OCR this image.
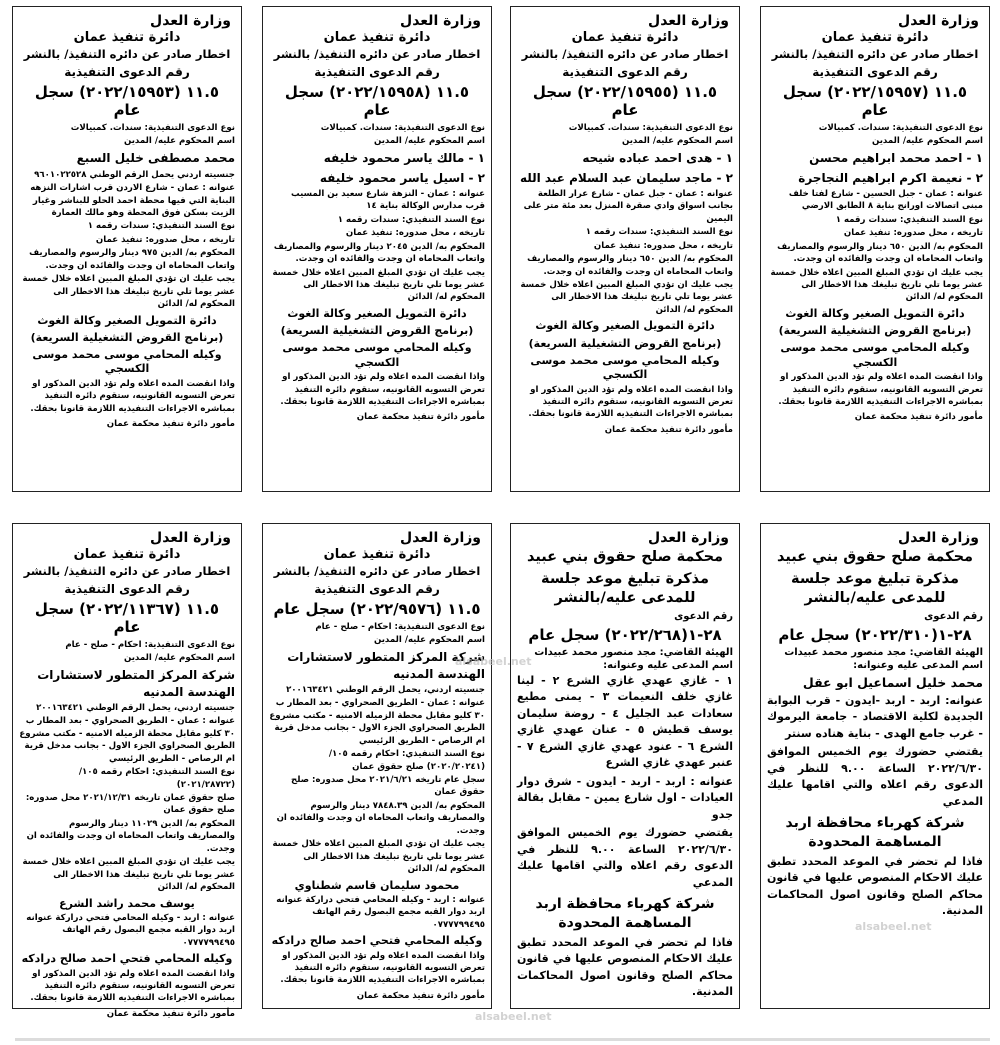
وزارة العدل
دائرة تنفيذ عمان
اخطار صادر عن دائره التنفيذ/ بالنشر
رقم الدعوى التنفيذية
١١.٥ (٢٠٢٢/١٥٩٥٧) سجل عام
نوع الدعوى التنفيذية: سندات. كمبيالات
اسم المحكوم عليه/ المدين
١ - احمد محمد ابراهيم محسن
٢ - نعيمة اكرم ابراهيم النجاجرة
عنوانه : عمان - جبل الحسين - شارع لفتا خلف مبنى اتصالات اورانج بناية ٨ الطابق الارضي
نوع السند التنفيذي: سندات رقمه ١
تاريخه ، محل صدوره: تنفيذ عمان
المحكوم به/ الدين ٦٥٠ دينار والرسوم والمصاريف واتعاب المحاماه ان وجدت والفائده ان وجدت.
يجب عليك ان تؤدي المبلغ المبين اعلاه خلال خمسة عشر يوما تلي تاريخ تبليغك هذا الاخطار الى المحكوم له/ الدائن
دائرة التمويل الصغير وكالة الغوث
(برنامج القروض التشغيلية السريعة)
وكيله المحامي موسى محمد موسى الكسجي
واذا انقضت المده اعلاه ولم تؤد الدين المذكور او تعرض التسويه القانونيه، ستقوم دائره التنفيذ بمباشره الاجراءات التنفيذيه اللازمة قانونا بحقك.
مأمور دائرة تنفيذ محكمة عمان
وزارة العدل
دائرة تنفيذ عمان
اخطار صادر عن دائره التنفيذ/ بالنشر
رقم الدعوى التنفيذية
١١.٥ (٢٠٢٢/١٥٩٥٥) سجل عام
نوع الدعوى التنفيذية: سندات. كمبيالات
اسم المحكوم عليه/ المدين
١ - هدى احمد عباده شيحه
٢ - ماجد سليمان عبد السلام عبد الله
عنوانه : عمان - جبل عمان - شارع عرار الطلعة بجانب اسواق وادي صقرة المنزل بعد مئة متر على اليمين
نوع السند التنفيذي: سندات رقمه ١
تاريخه ، محل صدوره: تنفيذ عمان
المحكوم به/ الدين ٦٥٠ دينار والرسوم والمصاريف واتعاب المحاماه ان وجدت والفائده ان وجدت.
يجب عليك ان تؤدي المبلغ المبين اعلاه خلال خمسة عشر يوما تلي تاريخ تبليغك هذا الاخطار الى المحكوم له/ الدائن
دائرة التمويل الصغير وكالة الغوث
(برنامج القروض التشغيلية السريعة)
وكيله المحامي موسى محمد موسى الكسجي
واذا انقضت المده اعلاه ولم تؤد الدين المذكور او تعرض التسويه القانونيه، ستقوم دائره التنفيذ بمباشره الاجراءات التنفيذيه اللازمة قانونا بحقك.
مأمور دائرة تنفيذ محكمة عمان
وزارة العدل
دائرة تنفيذ عمان
اخطار صادر عن دائره التنفيذ/ بالنشر
رقم الدعوى التنفيذية
١١.٥ (٢٠٢٢/١٥٩٥٨) سجل عام
نوع الدعوى التنفيذية: سندات. كمبيالات
اسم المحكوم عليه/ المدين
١ - مالك ياسر محمود خليفه
٢ - اسيل ياسر محمود خليفه
عنوانه : عمان - النزهة شارع سعيد بن المسيب قرب مدارس الوكالة بناية ١٤
نوع السند التنفيذي: سندات رقمه ١
تاريخه ، محل صدوره: تنفيذ عمان
المحكوم به/ الدين ٢٠٤٥ دينار والرسوم والمصاريف واتعاب المحاماه ان وجدت والفائده ان وجدت.
يجب عليك ان تؤدي المبلغ المبين اعلاه خلال خمسة عشر يوما تلي تاريخ تبليغك هذا الاخطار الى المحكوم له/ الدائن
دائرة التمويل الصغير وكالة الغوث
(برنامج القروض التشغيلية السريعة)
وكيله المحامي موسى محمد موسى الكسجي
واذا انقضت المده اعلاه ولم تؤد الدين المذكور او تعرض التسويه القانونيه، ستقوم دائره التنفيذ بمباشره الاجراءات التنفيذيه اللازمة قانونا بحقك.
مأمور دائرة تنفيذ محكمة عمان
وزارة العدل
دائرة تنفيذ عمان
اخطار صادر عن دائره التنفيذ/ بالنشر
رقم الدعوى التنفيذية
١١.٥ (٢٠٢٢/١٥٩٥٣) سجل عام
نوع الدعوى التنفيذية: سندات. كمبيالات
اسم المحكوم عليه/ المدين
محمد مصطفى خليل السبع
جنسيته اردني يحمل الرقم الوطني ٩٦٠١٠٢٢٥٢٨
عنوانه : عمان - شارع الاردن قرب اشارات النزهه البناية التي فيها محطة احمد الحلو للبناشر وغيار الزيت بسكن فوق المحطة وهو مالك العمارة
نوع السند التنفيذي: سندات رقمه ١
تاريخه ، محل صدوره: تنفيذ عمان
المحكوم به/ الدين ٩٧٥ دينار والرسوم والمصاريف واتعاب المحاماه ان وجدت والفائده ان وجدت.
يجب عليك ان تؤدي المبلغ المبين اعلاه خلال خمسة عشر يوما تلي تاريخ تبليغك هذا الاخطار الى المحكوم له/ الدائن
دائرة التمويل الصغير وكالة الغوث
(برنامج القروض التشغيلية السريعة)
وكيله المحامي موسى محمد موسى الكسجي
واذا انقضت المده اعلاه ولم تؤد الدين المذكور او تعرض التسويه القانونيه، ستقوم دائره التنفيذ بمباشره الاجراءات التنفيذيه اللازمة قانونا بحقك.
مأمور دائرة تنفيذ محكمة عمان
وزارة العدل
محكمة صلح حقوق بني عبيد
مذكرة تبليغ موعد جلسة للمدعى عليه/بالنشر
رقم الدعوى
٢٨-١(٢٠٢٢/٣١٠) سجل عام
الهيئة القاضي: مجد منصور محمد عبيدات
اسم المدعى عليه وعنوانه:
محمد خليل اسماعيل ابو عقل
عنوانه: اربد - اربد -ايدون - قرب البوابة الجديدة لكلية الاقتصاد - جامعة اليرموك - غرب جامع الهدى - بناية هناده سنتر
يقتضي حضورك يوم الخميس الموافق ٢٠٢٢/٦/٣٠ الساعة ٩.٠٠ للنظر في الدعوى رقم اعلاه والتي اقامها عليك المدعي
شركة كهرباء محافظة اربد المساهمة المحدودة
فاذا لم تحضر في الموعد المحدد تطبق عليك الاحكام المنصوص عليها في قانون محاكم الصلح وقانون اصول المحاكمات المدنية.
وزارة العدل
محكمة صلح حقوق بني عبيد
مذكرة تبليغ موعد جلسة للمدعى عليه/بالنشر
رقم الدعوى
٢٨-١(٢٠٢٢/٢٦٨) سجل عام
الهيئة القاضي: مجد منصور محمد عبيدات
اسم المدعى عليه وعنوانه:
١ - غازي عهدي غازي الشرع ٢ - لينا غازي خلف النعيمات ٣ - يمنى مطيع سعادات عبد الجليل ٤ - روضة سليمان يوسف قطيش ٥ - عنان عهدي غازي الشرع ٦ - عنود عهدي غازي الشرع ٧ - عنبر عهدي غازي الشرع
عنوانه : اربد - اربد - ايدون - شرق دوار العيادات - اول شارع يمين - مقابل بقالة جدو
يقتضي حضورك يوم الخميس الموافق ٢٠٢٢/٦/٣٠ الساعة ٩.٠٠ للنظر في الدعوى رقم اعلاه والتي اقامها عليك المدعي
شركة كهرباء محافظة اربد المساهمة المحدودة
فاذا لم تحضر في الموعد المحدد تطبق عليك الاحكام المنصوص عليها في قانون محاكم الصلح وقانون اصول المحاكمات المدنية.
وزارة العدل
دائرة تنفيذ عمان
اخطار صادر عن دائره التنفيذ/ بالنشر
رقم الدعوى التنفيذية
١١.٥ (٢٠٢٢/٩٥٧٦) سجل عام
نوع الدعوى التنفيذية: احكام - صلح - عام
اسم المحكوم عليه/ المدين
شركة المركز المتطور لاستشارات الهندسة المدنيه
جنسيته اردني، يحمل الرقم الوطني ٢٠٠١٦٣٤٢١
عنوانه : عمان - الطريق الصحراوي - بعد المطار ب ٣٠ كليو مقابل محطة الزميله الامنيه - مكتب مشروع الطريق الصحراوي الجزء الاول - بجانب مدخل قرية ام الرصاص - الطريق الرئيسي
نوع السند التنفيذي: احكام رقمه ١٠٥/ (٢٠٢٠/٢٠٢٤١) صلح حقوق عمان
سجل عام تاريخه ٢٠٢١/٦/٢١ محل صدوره: صلح حقوق عمان
المحكوم به/ الدين ٧٨٤٨.٣٩ دينار والرسوم والمصاريف واتعاب المحاماه ان وجدت والفائده ان وجدت.
يجب عليك ان تؤدي المبلغ المبين اعلاه خلال خمسة عشر يوما تلي تاريخ تبليغك هذا الاخطار الى المحكوم له/ الدائن
محمود سليمان قاسم شطناوي
عنوانه : اربد - وكيله المحامي فتحي دراركة عنوانه اربد دوار القبه مجمع البصول رقم الهاتف ٠٧٧٧٧٩٩٤٩٥
وكيله المحامي فتحي احمد صالح درادكه
واذا انقضت المده اعلاه ولم تؤد الدين المذكور او تعرض التسويه القانونيه، ستقوم دائره التنفيذ بمباشره الاجراءات التنفيذيه اللازمة قانونا بحقك.
مأمور دائرة تنفيذ محكمة عمان
وزارة العدل
دائرة تنفيذ عمان
اخطار صادر عن دائره التنفيذ/ بالنشر
رقم الدعوى التنفيذية
١١.٥ (٢٠٢٢/١١٣٦٧) سجل عام
نوع الدعوى التنفيذية: احكام - صلح - عام
اسم المحكوم عليه/ المدين
شركة المركز المتطور لاستشارات الهندسة المدنيه
جنسيته اردني، يحمل الرقم الوطني ٢٠٠١٦٣٤٢١
عنوانه : عمان - الطريق الصحراوي - بعد المطار ب ٣٠ كليو مقابل محطة الزميله الامنيه - مكتب مشروع الطريق الصحراوي الجزء الاول - بجانب مدخل قرية ام الرصاص - الطريق الرئيسي
نوع السند التنفيذي: احكام رقمه ١٠٥/ (٢٠٢١/٢٨٧٢٢)
صلح حقوق عمان تاريخه ٢٠٢١/١٢/٣١ محل صدوره: صلح حقوق عمان
المحكوم به/ الدين ١١٠٢٩ دينار والرسوم والمصاريف واتعاب المحاماه ان وجدت والفائده ان وجدت.
يجب عليك ان تؤدي المبلغ المبين اعلاه خلال خمسة عشر يوما تلي تاريخ تبليغك هذا الاخطار الى المحكوم له/ الدائن
يوسف محمد راشد الشرع
عنوانه : اربد - وكيله المحامي فتحي دراركة عنوانه اربد دوار القبه مجمع البصول رقم الهاتف ٠٧٧٧٧٩٩٤٩٥
وكيله المحامي فتحي احمد صالح درادكه
واذا انقضت المده اعلاه ولم تؤد الدين المذكور او تعرض التسويه القانونيه، ستقوم دائره التنفيذ بمباشره الاجراءات التنفيذيه اللازمة قانونا بحقك.
مأمور دائرة تنفيذ محكمة عمان
alsabeel.net
alsabeel.net
alsabeel.net
